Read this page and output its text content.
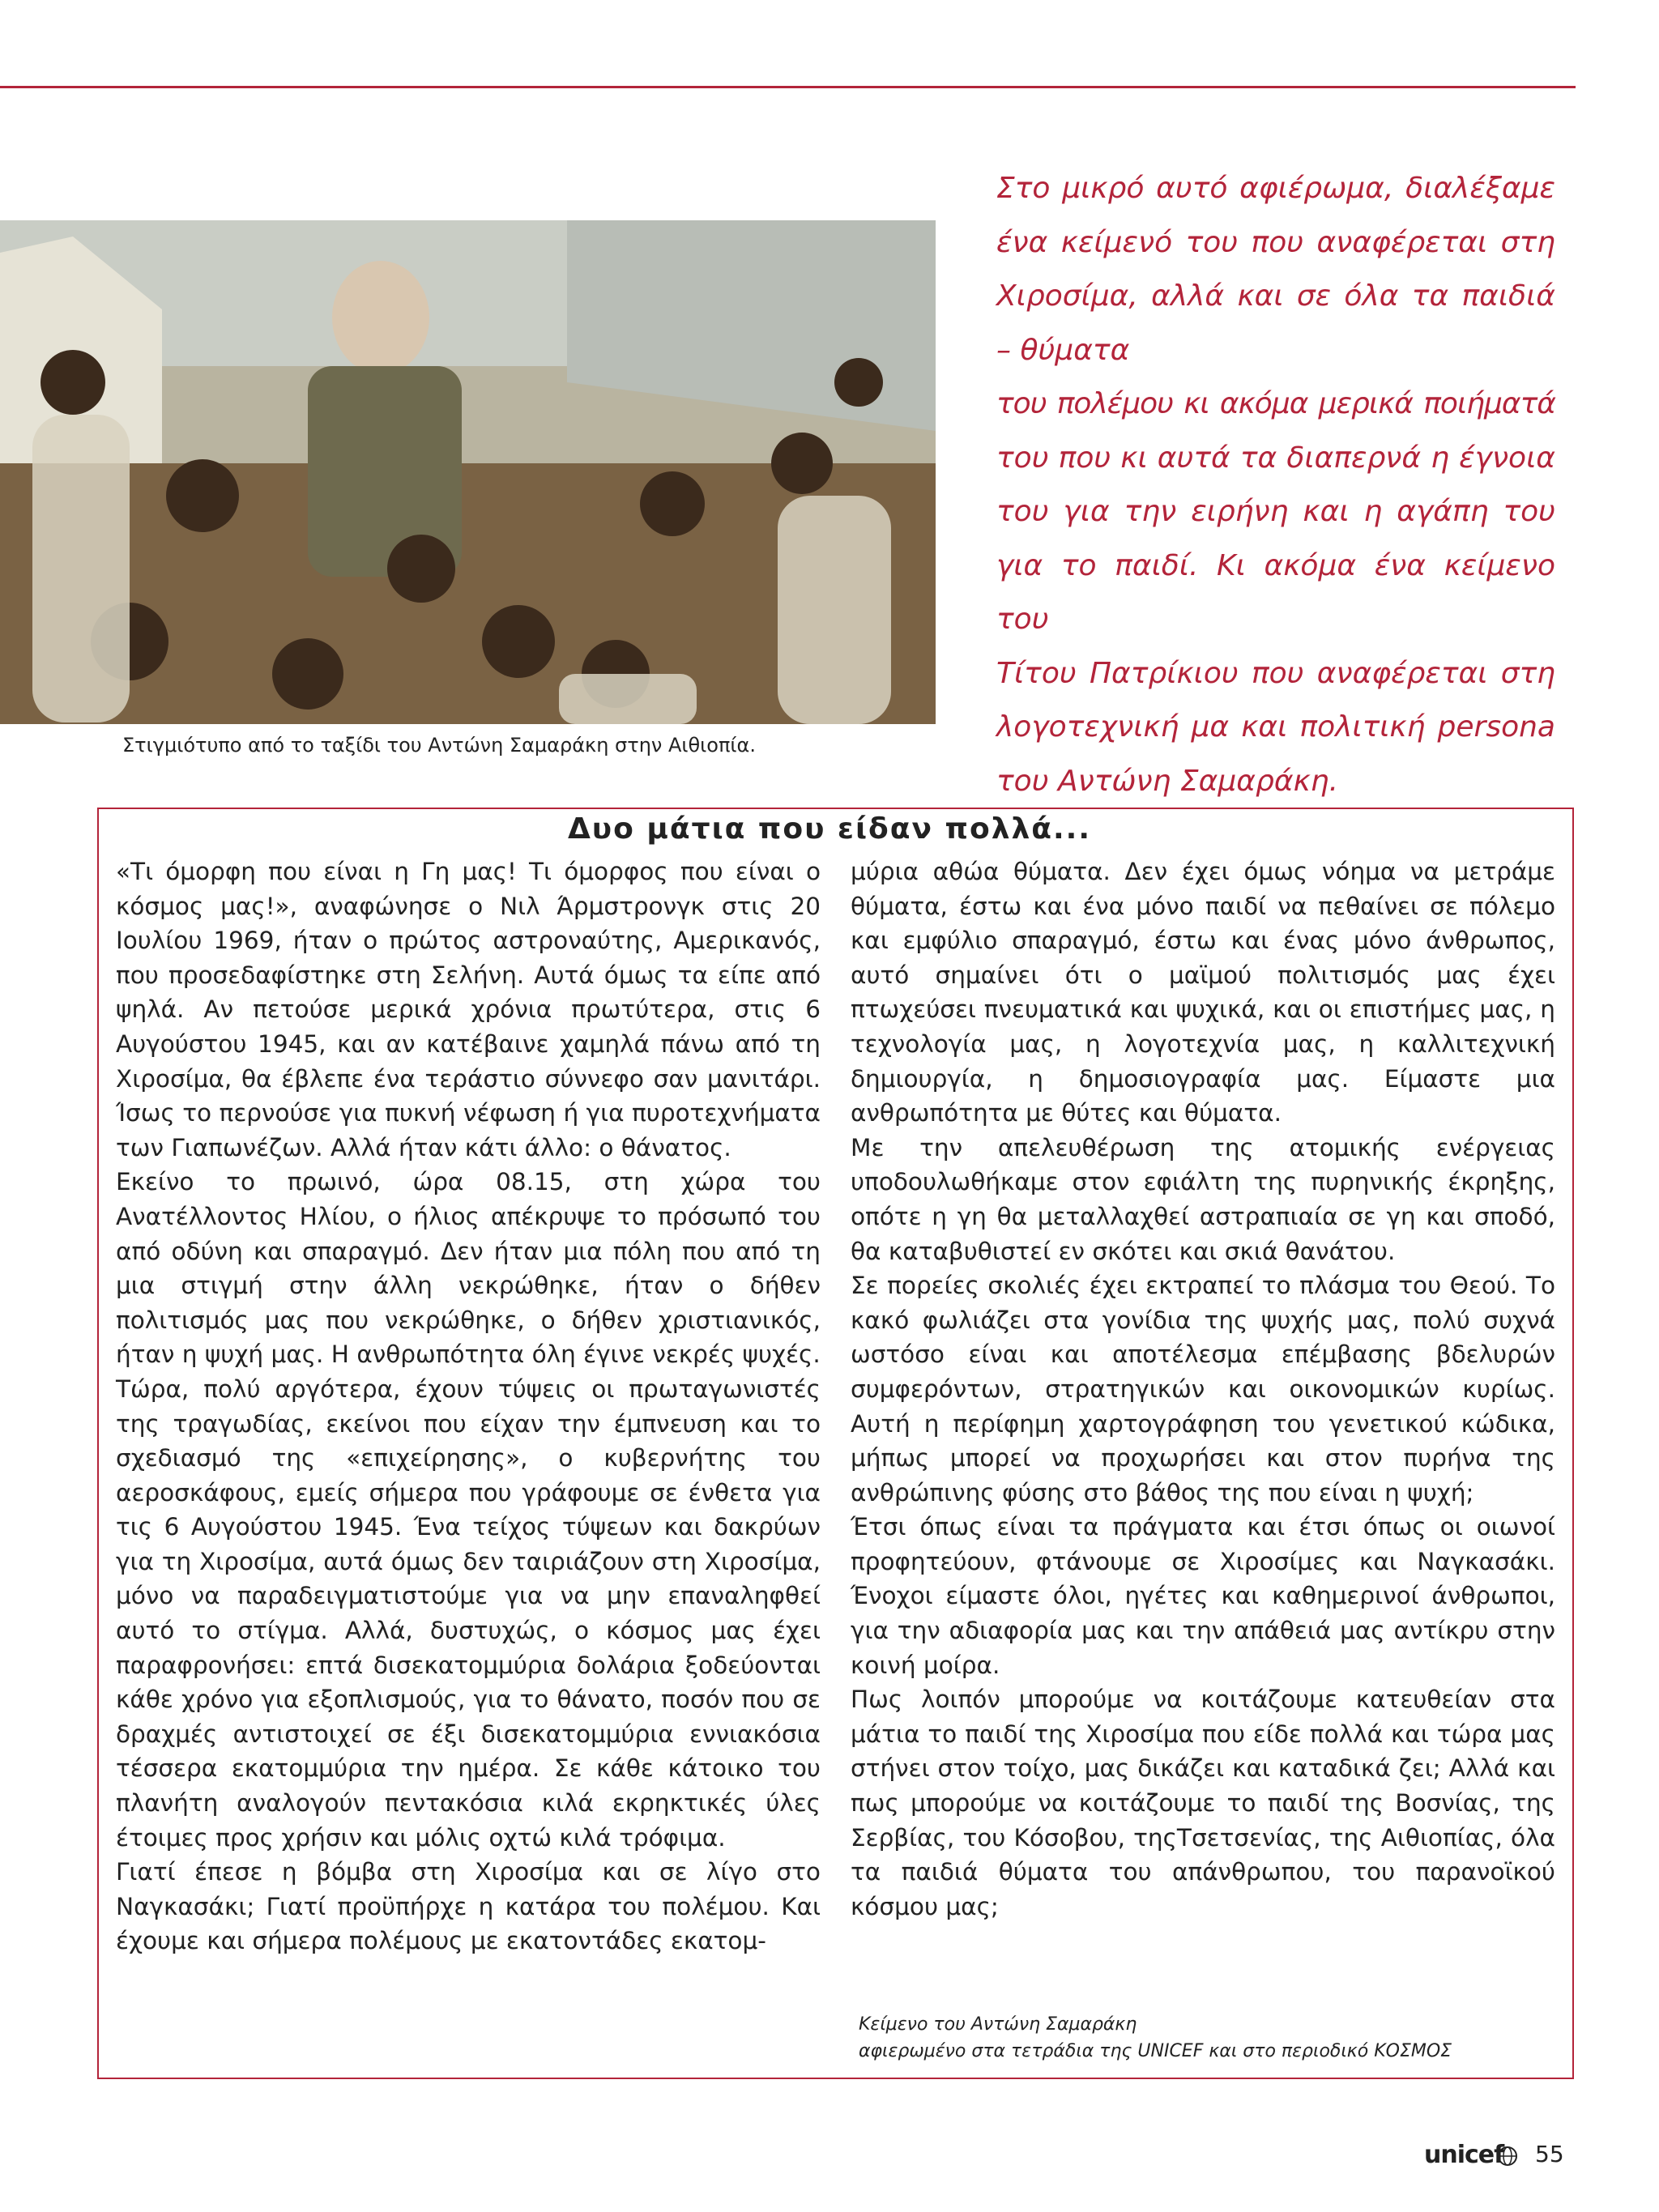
Στιγμιότυπο από το ταξίδι του Αντώνη Σαμαράκη στην Αιθιοπία.

Στο μικρό αυτό αφιέρωμα, διαλέξαμε

ένα κείμενό του που αναφέρεται στη

Χιροσίμα, αλλά και σε όλα τα παιδιά

– θύματα

του πολέμου κι ακόμα μερικά ποιήματά

του που κι αυτά τα διαπερνά η έγνοια

του για την ειρήνη και η αγάπη του

για το παιδί. Κι ακόμα ένα κείμενο του

Τίτου Πατρίκιου που αναφέρεται στη

λογοτεχνική μα και πολιτική persona

του Αντώνη Σαμαράκη.

Δυο μάτια που είδαν πολλά...

«Τι όμορφη που είναι η Γη μας! Τι όμορφος που είναι ο κόσμος μας!», αναφώνησε ο Νιλ Άρμστρονγκ στις 20 Ιουλίου 1969, ήταν ο πρώτος αστροναύτης, Αμερικανός, που προσεδαφίστηκε στη Σελήνη. Αυτά όμως τα είπε από ψηλά. Αν πετούσε μερικά χρόνια πρωτύτερα, στις 6 Αυγούστου 1945, και αν κατέβαινε χαμηλά πάνω από τη Χιροσίμα, θα έβλεπε ένα τεράστιο σύννεφο σαν μανιτάρι. Ίσως το περνούσε για πυκνή νέφωση ή για πυροτεχνήματα των Γιαπωνέζων. Αλλά ήταν κάτι άλλο: ο θάνατος.

Εκείνο το πρωινό, ώρα 08.15, στη χώρα του Ανατέλλοντος Ηλίου, ο ήλιος απέκρυψε το πρόσωπό του από οδύνη και σπαραγμό. Δεν ήταν μια πόλη που από τη μια στιγμή στην άλλη νεκρώθηκε, ήταν ο δήθεν πολιτισμός μας που νεκρώθηκε, ο δήθεν χριστιανικός, ήταν η ψυχή μας. Η ανθρωπότητα όλη έγινε νεκρές ψυχές.

Τώρα, πολύ αργότερα, έχουν τύψεις οι πρωταγωνιστές της τραγωδίας, εκείνοι που είχαν την έμπνευση και το σχεδιασμό της «επιχείρησης», ο κυβερνήτης του αεροσκάφους, εμείς σήμερα που γράφουμε σε ένθετα για τις 6 Αυγούστου 1945. Ένα τείχος τύψεων και δακρύων για τη Χιροσίμα, αυτά όμως δεν ταιριάζουν στη Χιροσίμα, μόνο να παραδειγματιστούμε για να μην επαναληφθεί αυτό το στίγμα. Αλλά, δυστυχώς, ο κόσμος μας έχει παραφρονήσει: επτά δισεκατομμύρια δολάρια ξοδεύονται κάθε χρόνο για εξοπλισμούς, για το θάνατο, ποσόν που σε δραχμές αντιστοιχεί σε έξι δισεκατομμύρια εννιακόσια τέσσερα εκατομμύρια την ημέρα. Σε κάθε κάτοικο του πλανήτη αναλογούν πεντακόσια κιλά εκρηκτικές ύλες έτοιμες προς χρήσιν και μόλις οχτώ κιλά τρόφιμα.

Γιατί έπεσε η βόμβα στη Χιροσίμα και σε λίγο στο Ναγκασάκι; Γιατί προϋπήρχε η κατάρα του πολέμου. Και έχουμε και σήμερα πολέμους με εκατοντάδες εκατομ-

μύρια αθώα θύματα. Δεν έχει όμως νόημα να μετράμε θύματα, έστω και ένα μόνο παιδί να πεθαίνει σε πόλεμο και εμφύλιο σπαραγμό, έστω και ένας μόνο άνθρωπος, αυτό σημαίνει ότι ο μαϊμού πολιτισμός μας έχει πτωχεύσει πνευματικά και ψυχικά, και οι επιστήμες μας, η τεχνολογία μας, η λογοτεχνία μας, η καλλιτεχνική δημιουργία, η δημοσιογραφία μας. Είμαστε μια ανθρωπότητα με θύτες και θύματα.

Με την απελευθέρωση της ατομικής ενέργειας υποδουλωθήκαμε στον εφιάλτη της πυρηνικής έκρηξης, οπότε η γη θα μεταλλαχθεί αστραπιαία σε γη και σποδό, θα καταβυθιστεί εν σκότει και σκιά θανάτου.

Σε πορείες σκολιές έχει εκτραπεί το πλάσμα του Θεού. Το κακό φωλιάζει στα γονίδια της ψυχής μας, πολύ συχνά ωστόσο είναι και αποτέλεσμα επέμβασης βδελυρών συμφερόντων, στρατηγικών και οικονομικών κυρίως. Αυτή η περίφημη χαρτογράφηση του γενετικού κώδικα, μήπως μπορεί να προχωρήσει και στον πυρήνα της ανθρώπινης φύσης στο βάθος της που είναι η ψυχή;

Έτσι όπως είναι τα πράγματα και έτσι όπως οι οιωνοί προφητεύουν, φτάνουμε σε Χιροσίμες και Ναγκασάκι. Ένοχοι είμαστε όλοι, ηγέτες και καθημερινοί άνθρωποι, για την αδιαφορία μας και την απάθειά μας αντίκρυ στην κοινή μοίρα.

Πως λοιπόν μπορούμε να κοιτάζουμε κατευθείαν στα μάτια το παιδί της Χιροσίμα που είδε πολλά και τώρα μας στήνει στον τοίχο, μας δικάζει και καταδικά ζει; Αλλά και πως μπορούμε να κοιτάζουμε το παιδί της Βοσνίας, της Σερβίας, του Κόσοβου, τηςΤσετσενίας, της Αιθιοπίας, όλα τα παιδιά θύματα του απάνθρωπου, του παρανοϊκού κόσμου μας;

Κείμενο του Αντώνη Σαμαράκη
αφιερωμένο στα τετράδια της UNICEF και στο περιοδικό ΚΟΣΜΟΣ
unicef 55
